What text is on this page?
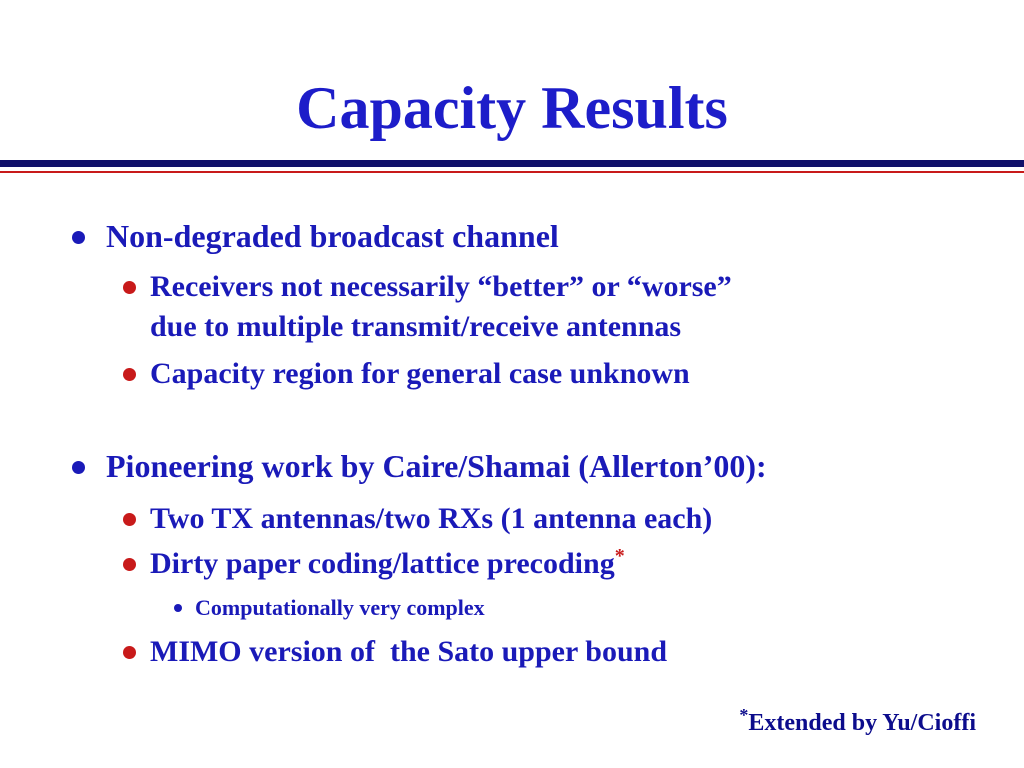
Capacity Results
Non-degraded broadcast channel
Receivers not necessarily “better” or “worse”
due to multiple transmit/receive antennas
Capacity region for general case unknown
Pioneering work by Caire/Shamai (Allerton’00):
Two TX antennas/two RXs (1 antenna each)
Dirty paper coding/lattice precoding*
Computationally very complex
MIMO version of  the Sato upper bound
*Extended by Yu/Cioffi
